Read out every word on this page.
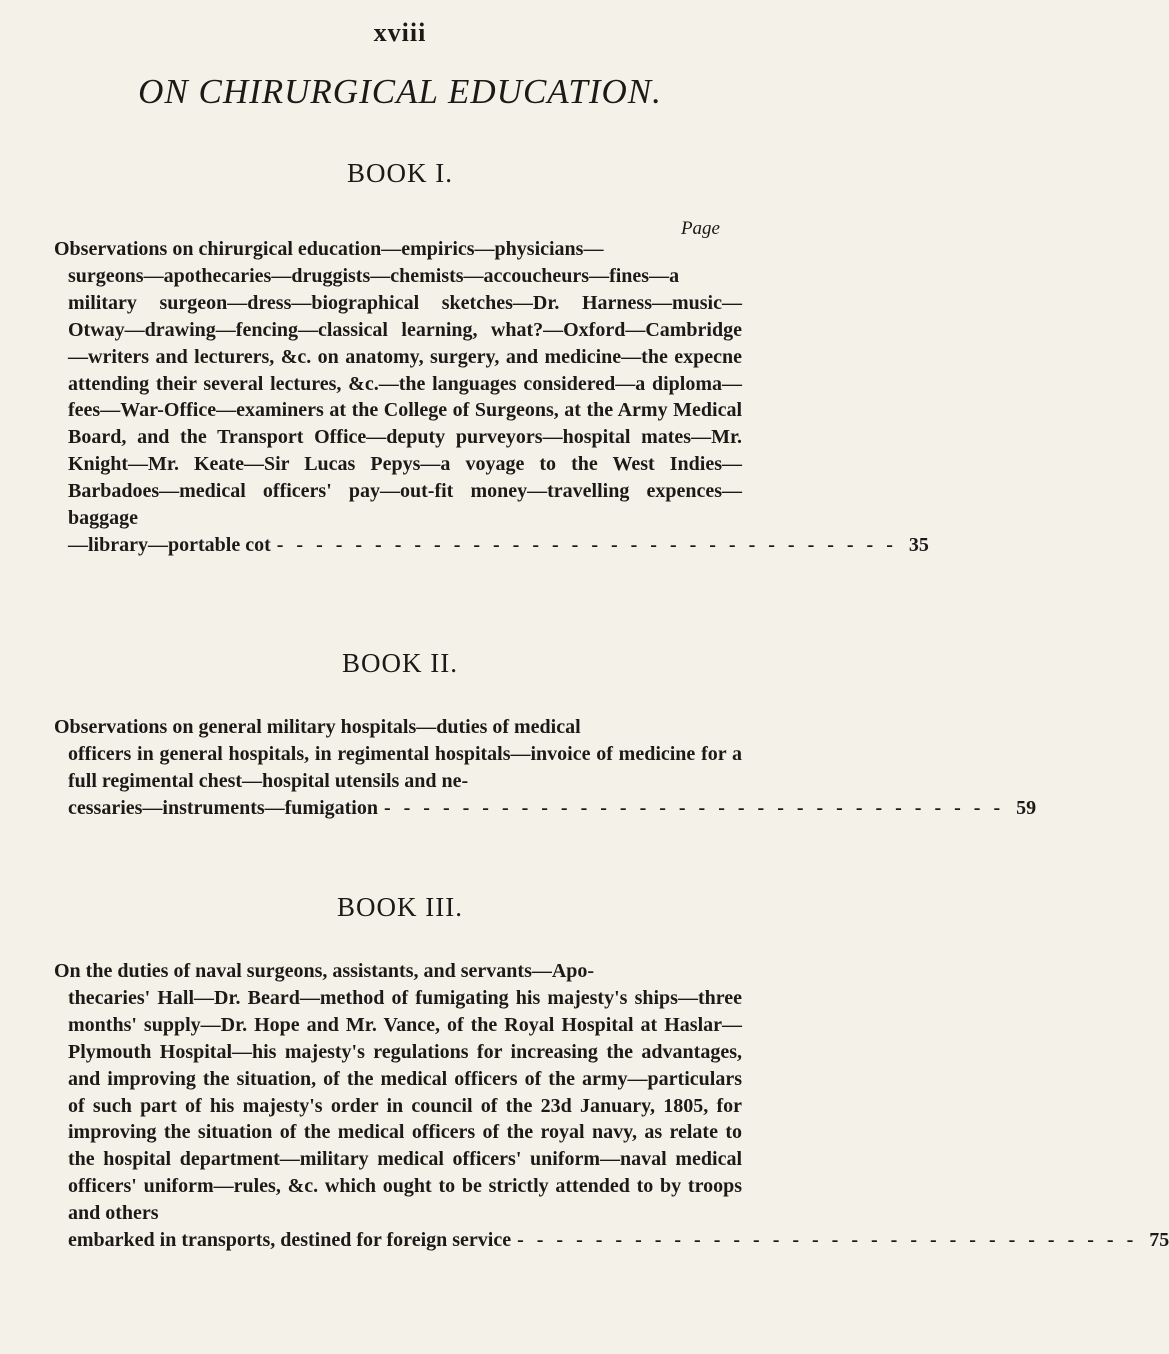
xviii
ON CHIRURGICAL EDUCATION.
BOOK I.
Page
Observations on chirurgical education—empirics—physicians—
surgeons—apothecaries—druggists—chemists—accoucheurs—fines—a military surgeon—dress—biographical sketches—Dr. Harness—music—Otway—drawing—fencing—classical learning, what?—Oxford—Cambridge—writers and lecturers, &c. on anatomy, surgery, and medicine—the expecne attending their several lectures, &c.—the languages considered—a diploma—fees—War-Office—examiners at the College of Surgeons, at the Army Medical Board, and the Transport Office—deputy purveyors—hospital mates—Mr. Knight—Mr. Keate—Sir Lucas Pepys—a voyage to the West Indies—Barbadoes—medical officers' pay—out-fit money—travelling expences—baggage
—library—portable cot - - - - - - - - - - - - - - - - - - - - - - - - - - - - - - - - 35
BOOK II.
Observations on general military hospitals—duties of medical
officers in general hospitals, in regimental hospitals—invoice of medicine for a full regimental chest—hospital utensils and ne-
cessaries—instruments—fumigation - - - - - - - - - - - - - - - - - - - - - - - - - - - - - - - - 59
BOOK III.
On the duties of naval surgeons, assistants, and servants—Apo-
thecaries' Hall—Dr. Beard—method of fumigating his majesty's ships—three months' supply—Dr. Hope and Mr. Vance, of the Royal Hospital at Haslar—Plymouth Hospital—his majesty's regulations for increasing the advantages, and improving the situation, of the medical officers of the army—particulars of such part of his majesty's order in council of the 23d January, 1805, for improving the situation of the medical officers of the royal navy, as relate to the hospital department—military medical officers' uniform—naval medical officers' uniform—rules, &c. which ought to be strictly attended to by troops and others
embarked in transports, destined for foreign service - - - - - - - - - - - - - - - - - - - - - - - - - - - - - - - - 75
